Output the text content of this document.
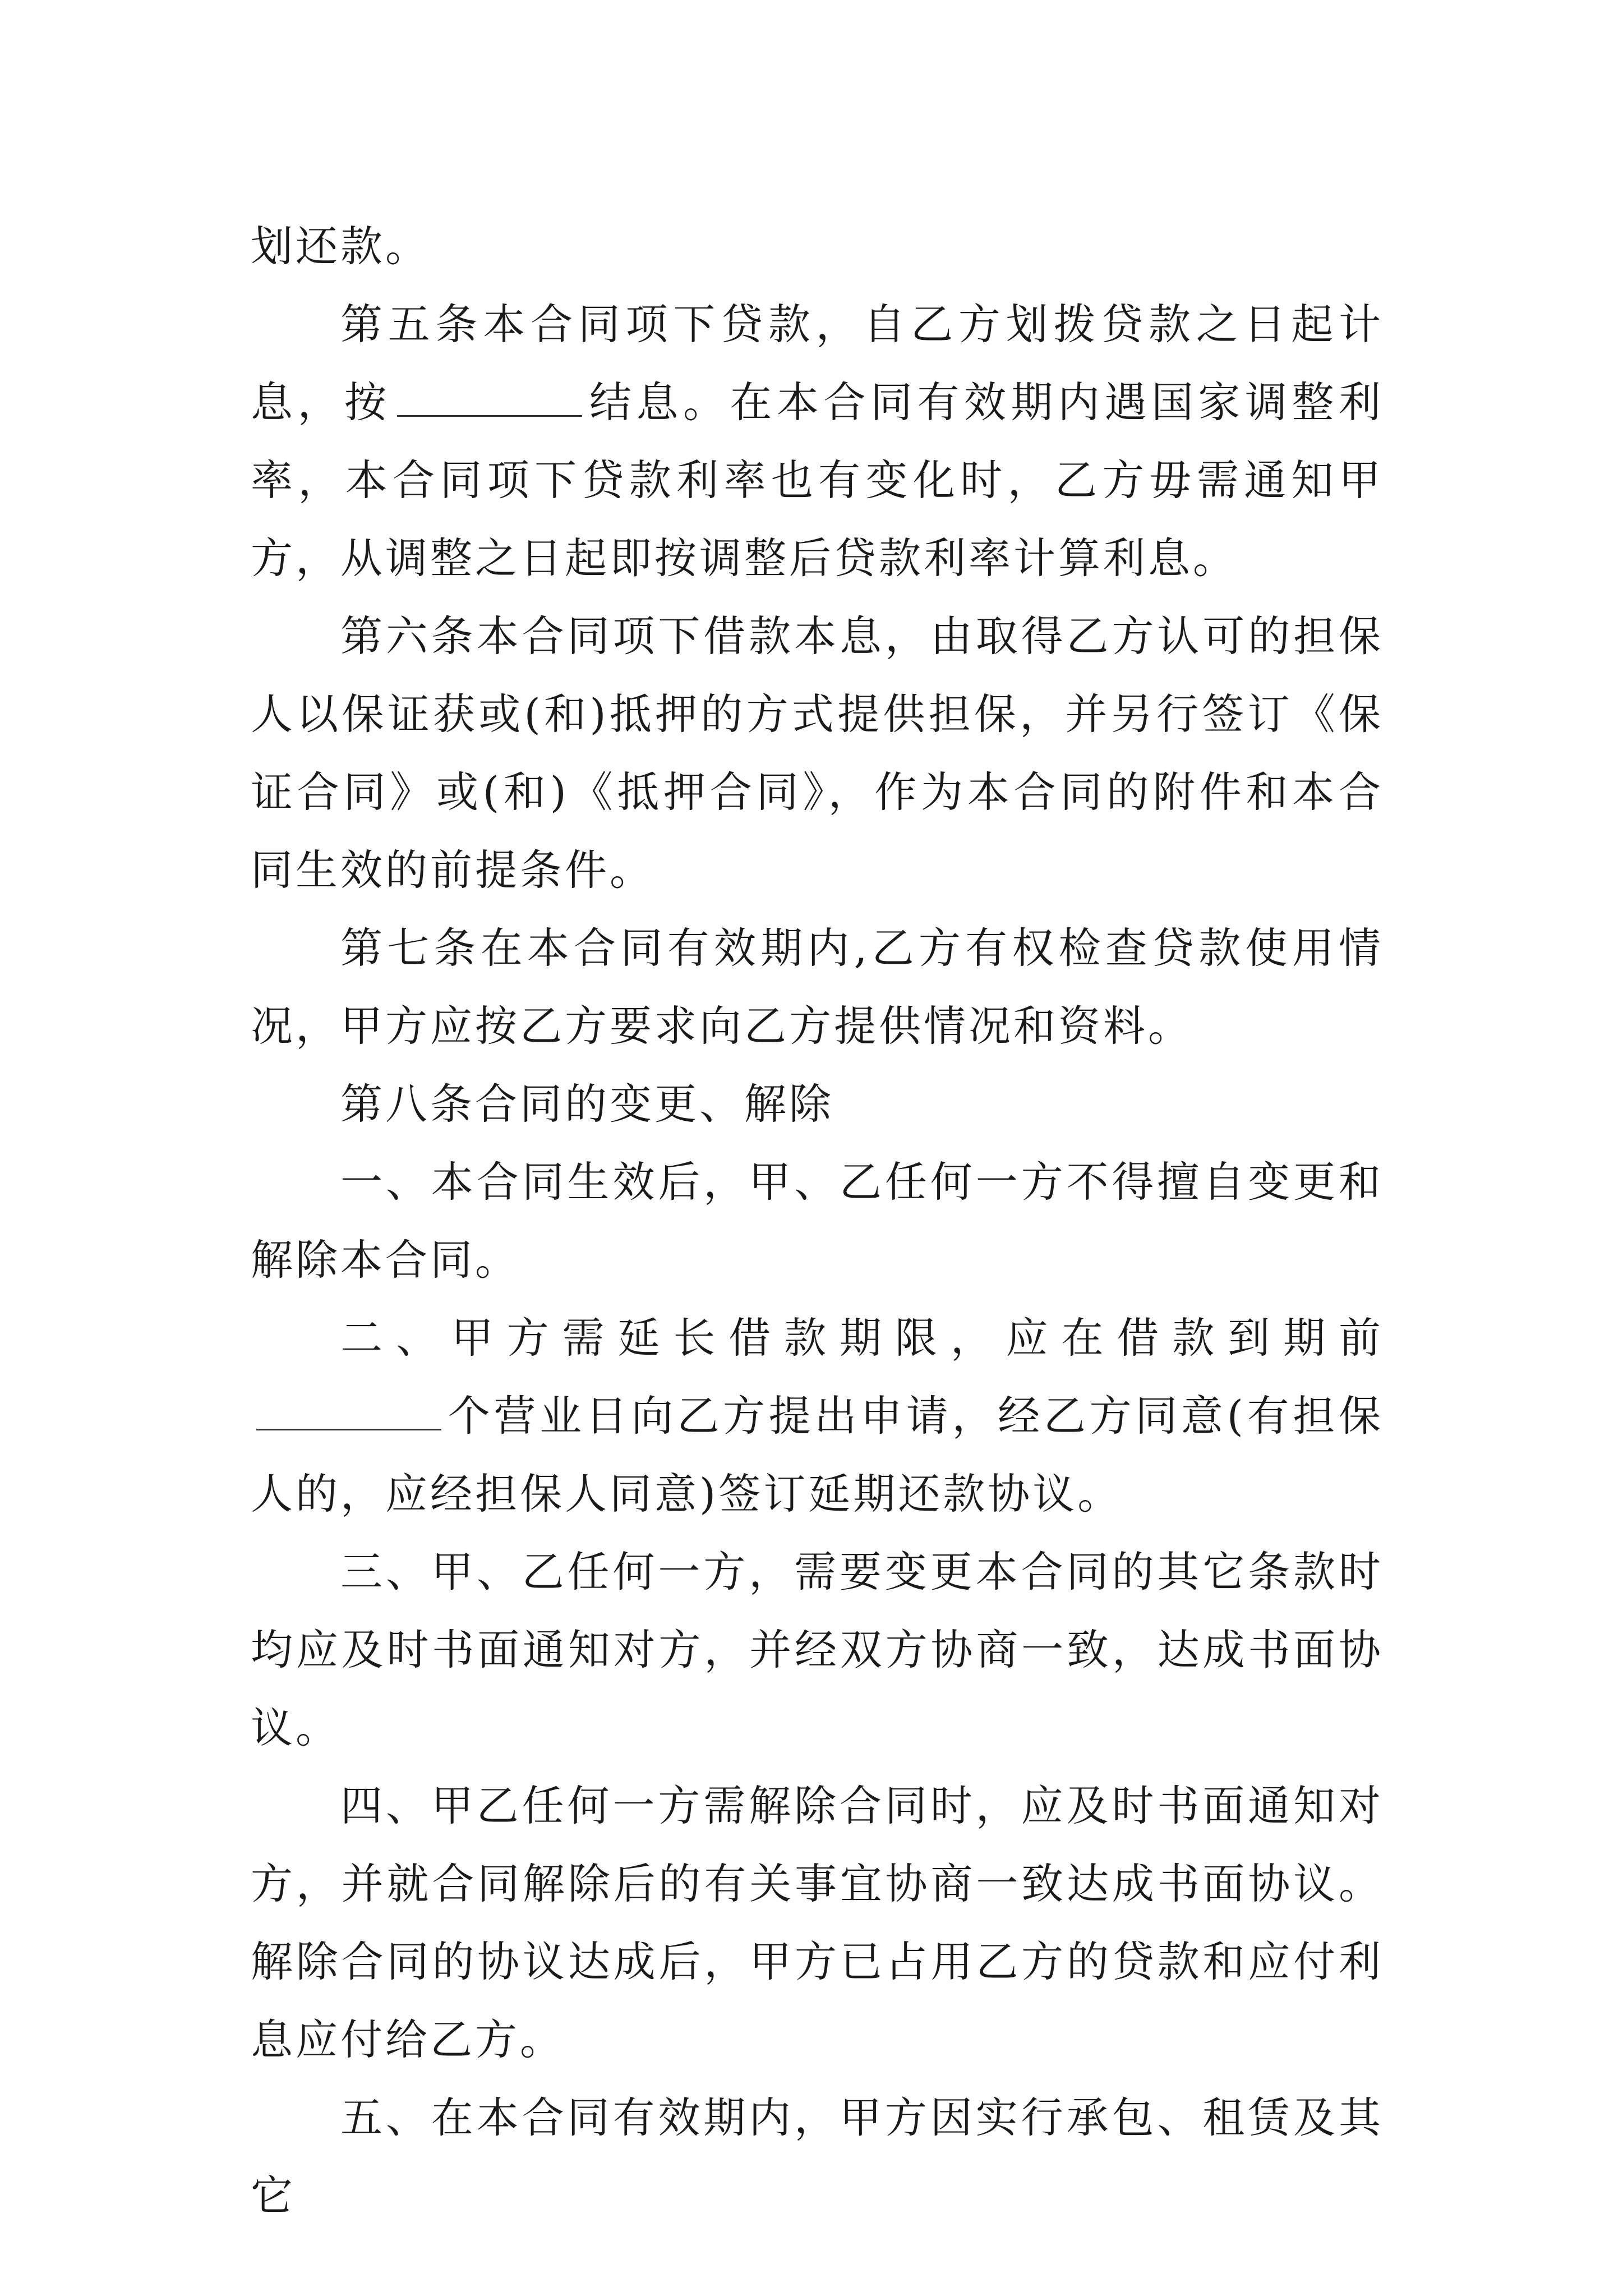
划还款。

第五条本合同项下贷款，自乙方划拨贷款之日起计息，按	结息。在本合同有效期内遇国家调整利率，本合同项下贷款利率也有变化时，乙方毋需通知甲方，从调整之日起即按调整后贷款利率计算利息。

第六条本合同项下借款本息，由取得乙方认可的担保人以保证获或(和)抵押的方式提供担保，并另行签订《保证合同》或(和)《抵押合同》，作为本合同的附件和本合同生效的前提条件。

第七条在本合同有效期内,乙方有权检查贷款使用情况，甲方应按乙方要求向乙方提供情况和资料。

第八条合同的变更、解除

一、本合同生效后，甲、乙任何一方不得擅自变更和解除本合同。

二、甲方需延长借款期限，应在借款到期前个营业日向乙方提出申请，经乙方同意(有担保人的，应经担保人同意)签订延期还款协议。

三、甲、乙任何一方，需要变更本合同的其它条款时均应及时书面通知对方，并经双方协商一致，达成书面协议。

四、甲乙任何一方需解除合同时，应及时书面通知对方，并就合同解除后的有关事宜协商一致达成书面协议。解除合同的协议达成后，甲方已占用乙方的贷款和应付利息应付给乙方。

五、在本合同有效期内，甲方因实行承包、租赁及其它
